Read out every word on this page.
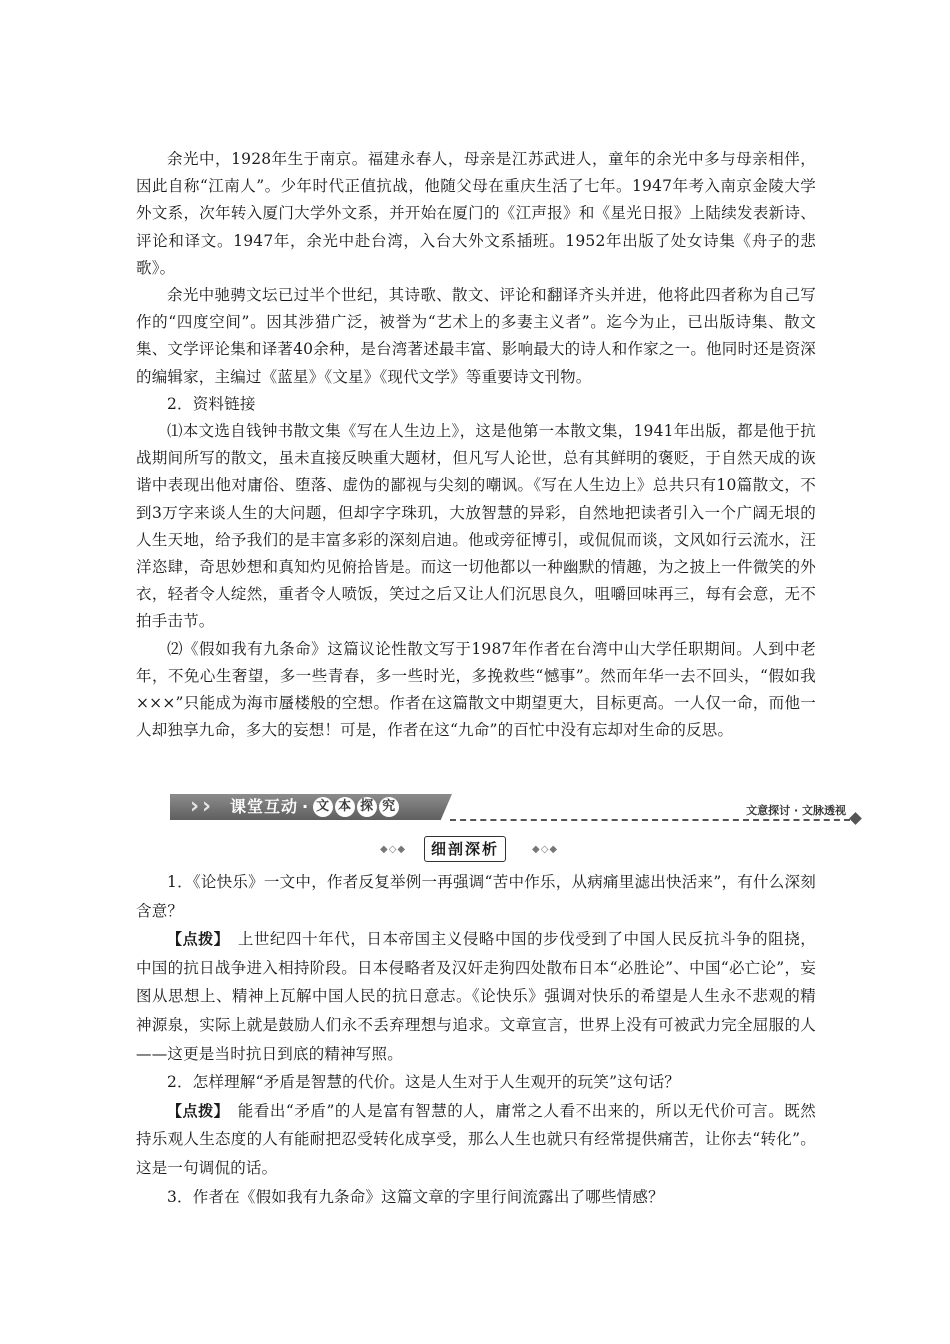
余光中，1928年生于南京。福建永春人，母亲是江苏武进人，童年的余光中多与母亲相伴，因此自称“江南人”。少年时代正值抗战，他随父母在重庆生活了七年。1947年考入南京金陵大学外文系，次年转入厦门大学外文系，并开始在厦门的《江声报》和《星光日报》上陆续发表新诗、评论和译文。1947年，余光中赴台湾，入台大外文系插班。1952年出版了处女诗集《舟子的悲歌》。

余光中驰骋文坛已过半个世纪，其诗歌、散文、评论和翻译齐头并进，他将此四者称为自己写作的“四度空间”。因其涉猎广泛，被誉为“艺术上的多妻主义者”。迄今为止，已出版诗集、散文集、文学评论集和译著40余种，是台湾著述最丰富、影响最大的诗人和作家之一。他同时还是资深的编辑家，主编过《蓝星》《文星》《现代文学》等重要诗文刊物。

2．资料链接

⑴本文选自钱钟书散文集《写在人生边上》，这是他第一本散文集，1941年出版，都是他于抗战期间所写的散文，虽未直接反映重大题材，但凡写人论世，总有其鲜明的褒贬，于自然天成的诙谐中表现出他对庸俗、堕落、虚伪的鄙视与尖刻的嘲讽。《写在人生边上》总共只有10篇散文，不到3万字来谈人生的大问题，但却字字珠玑，大放智慧的异彩，自然地把读者引入一个广阔无垠的人生天地，给予我们的是丰富多彩的深刻启迪。他或旁征博引，或侃侃而谈，文风如行云流水，汪洋恣肆，奇思妙想和真知灼见俯拾皆是。而这一切他都以一种幽默的情趣，为之披上一件微笑的外衣，轻者令人绽然，重者令人喷饭，笑过之后又让人们沉思良久，咀嚼回味再三，每有会意，无不拍手击节。

⑵《假如我有九条命》这篇议论性散文写于1987年作者在台湾中山大学任职期间。人到中老年，不免心生奢望，多一些青春，多一些时光，多挽救些“憾事”。然而年华一去不回头，“假如我×××”只能成为海市蜃楼般的空想。作者在这篇散文中期望更大，目标更高。一人仅一命，而他一人却独享九命，多大的妄想！可是，作者在这“九命”的百忙中没有忘却对生命的反思。

› ›	课堂互动 · 文 本 探 究	文意探讨 · 文脉透视
◆◇◆	细剖深析	◆◇◆

1．《论快乐》一文中，作者反复举例一再强调“苦中作乐，从病痛里滤出快活来”，有什么深刻含意？

【点拨】　 上世纪四十年代，日本帝国主义侵略中国的步伐受到了中国人民反抗斗争的阻挠，中国的抗日战争进入相持阶段。日本侵略者及汉奸走狗四处散布日本“必胜论”、中国“必亡论”，妄图从思想上、精神上瓦解中国人民的抗日意志。《论快乐》强调对快乐的希望是人生永不悲观的精神源泉，实际上就是鼓励人们永不丢弃理想与追求。文章宣言，世界上没有可被武力完全屈服的人——这更是当时抗日到底的精神写照。

2．怎样理解“矛盾是智慧的代价。这是人生对于人生观开的玩笑”这句话？

【点拨】　 能看出“矛盾”的人是富有智慧的人，庸常之人看不出来的，所以无代价可言。既然持乐观人生态度的人有能耐把忍受转化成享受，那么人生也就只有经常提供痛苦，让你去“转化”。这是一句调侃的话。

3．作者在《假如我有九条命》这篇文章的字里行间流露出了哪些情感？
